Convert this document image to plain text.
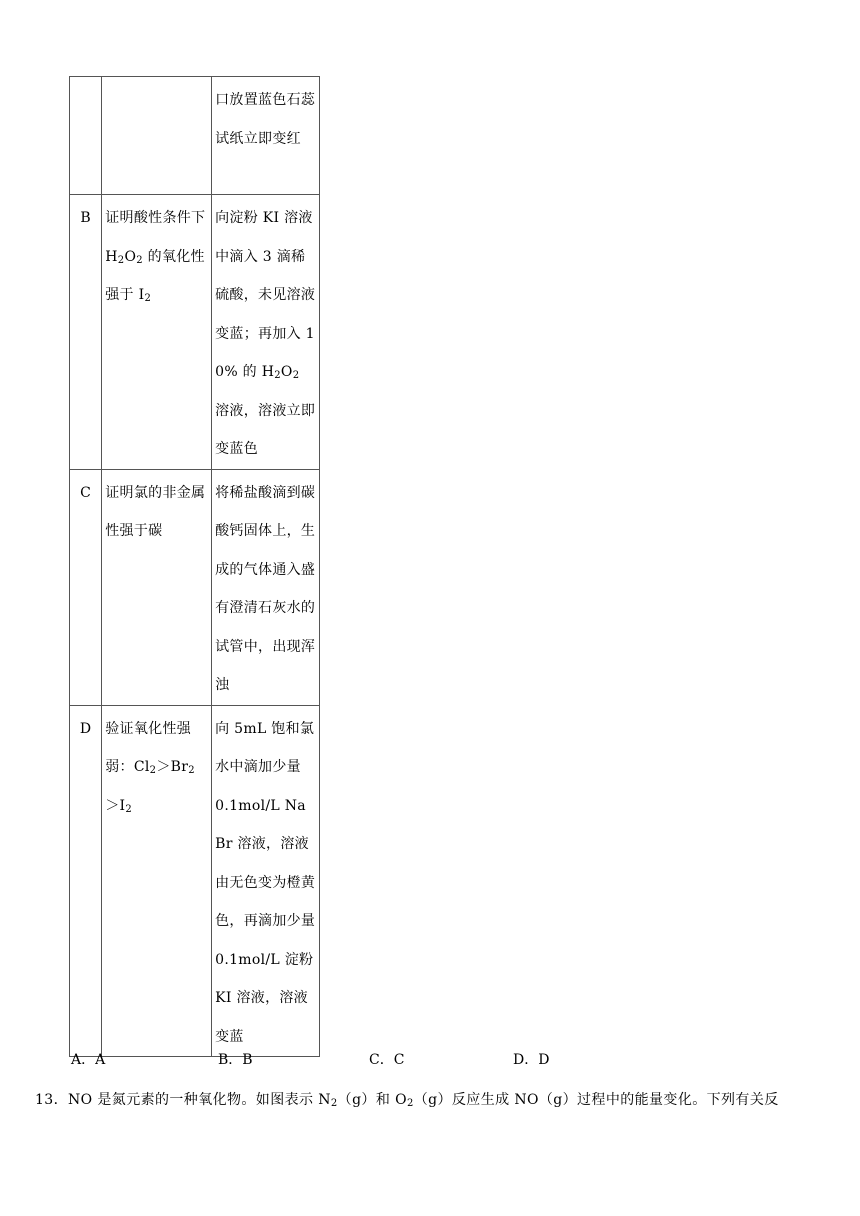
		口放置蓝色石蕊试纸立即变红
B	证明酸性条件下 $H_2O_2$ 的氧化性强于 $I_2$	向淀粉 KI 溶液中滴入 3 滴稀硫酸，未见溶液变蓝；再加入 10% 的 $H_2O_2$ 溶液，溶液立即变蓝色
C	证明氯的非金属性强于碳	将稀盐酸滴到碳酸钙固体上，生成的气体通入盛有澄清石灰水的试管中，出现浑浊
D	验证氧化性强弱：$Cl_2>Br_2>I_2$	向 5mL 饱和氯水中滴加少量 0.1mol/L NaBr 溶液，溶液由无色变为橙黄色，再滴加少量 0.1mol/L 淀粉 KI 溶液，溶液变蓝
A．A	B．B	C．C	D．D
13．NO 是氮元素的一种氧化物。如图表示 $N_2(g)$和 $O_2(g)$反应生成 NO（g）过程中的能量变化。下列有关反
